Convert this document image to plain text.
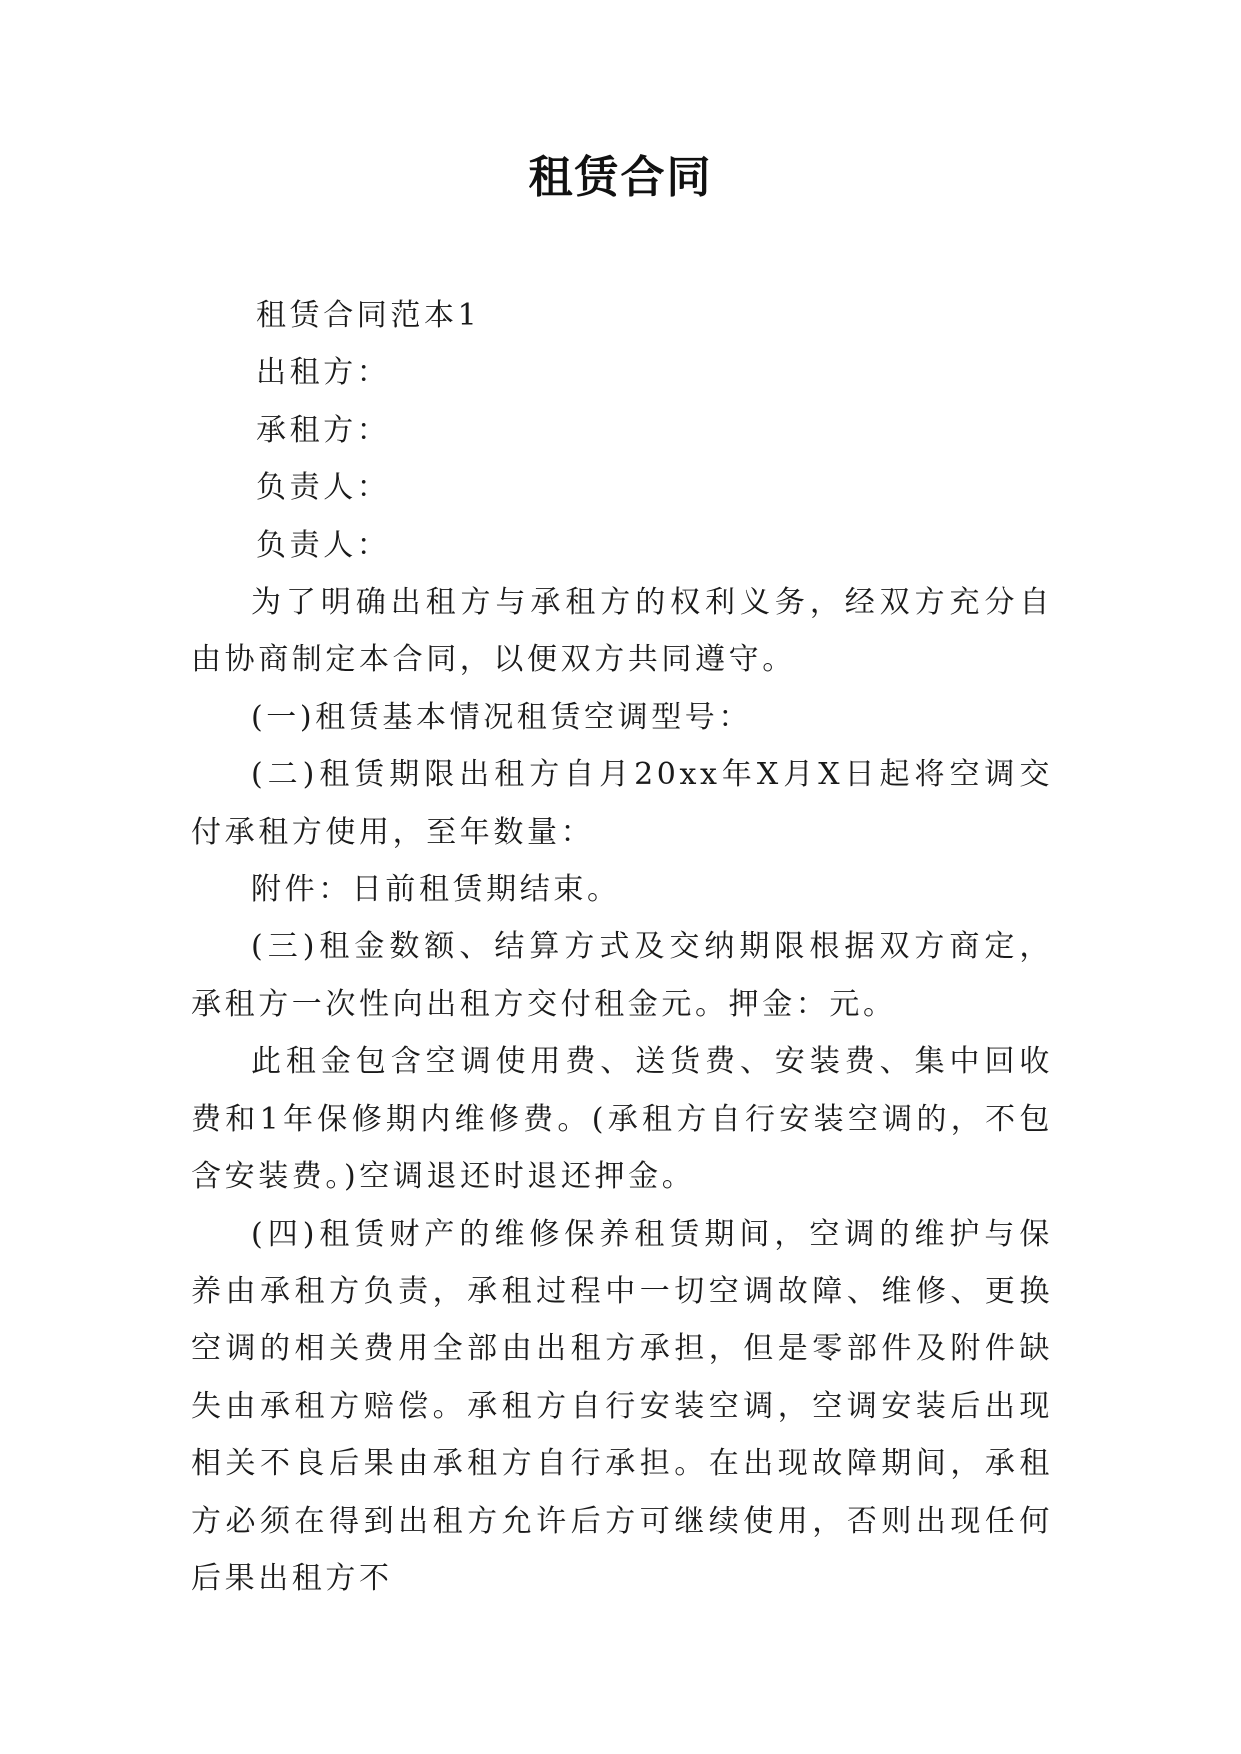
租赁合同

租赁合同范本1

出租方：

承租方：

负责人：

负责人：

为了明确出租方与承租方的权利义务，经双方充分自由协商制定本合同，以便双方共同遵守。

(一)租赁基本情况租赁空调型号：

(二)租赁期限出租方自月20xx年X月X日起将空调交付承租方使用，至年数量：

附件：日前租赁期结束。

(三)租金数额、结算方式及交纳期限根据双方商定，承租方一次性向出租方交付租金元。押金：元。

此租金包含空调使用费、送货费、安装费、集中回收费和1年保修期内维修费。(承租方自行安装空调的，不包含安装费。)空调退还时退还押金。

(四)租赁财产的维修保养租赁期间，空调的维护与保养由承租方负责，承租过程中一切空调故障、维修、更换空调的相关费用全部由出租方承担，但是零部件及附件缺失由承租方赔偿。承租方自行安装空调，空调安装后出现相关不良后果由承租方自行承担。在出现故障期间，承租方必须在得到出租方允许后方可继续使用，否则出现任何后果出租方不
